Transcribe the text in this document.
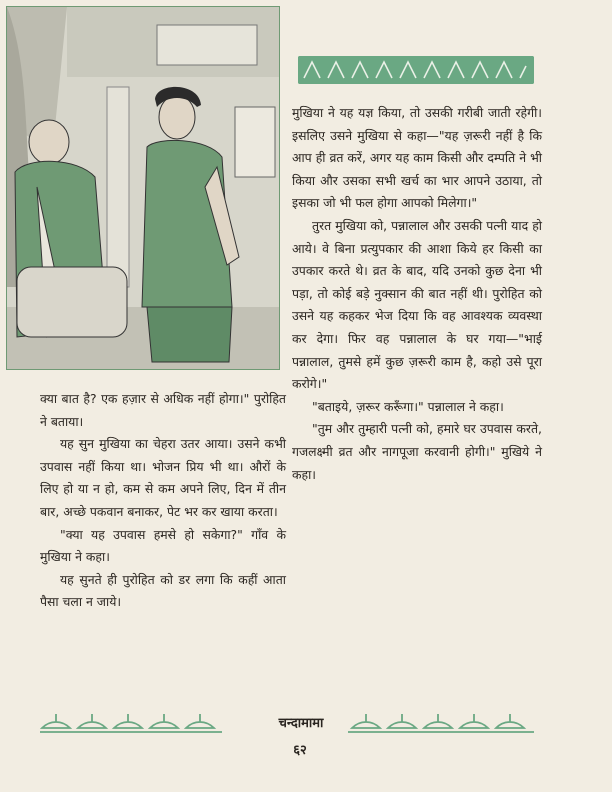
क्या बात है? एक हज़ार से अधिक नहीं होगा।" पुरोहित ने बताया।

यह सुन मुखिया का चेहरा उतर आया। उसने कभी उपवास नहीं किया था। भोजन प्रिय भी था। औरों के लिए हो या न हो, कम से कम अपने लिए, दिन में तीन बार, अच्छे पकवान बनाकर, पेट भर कर खाया करता।

"क्या यह उपवास हमसे हो सकेगा?" गाँव के मुखिया ने कहा।

यह सुनते ही पुरोहित को डर लगा कि कहीं आता पैसा चला न जाये।

मुखिया ने यह यज्ञ किया, तो उसकी गरीबी जाती रहेगी। इसलिए उसने मुखिया से कहा—"यह ज़रूरी नहीं है कि आप ही व्रत करें, अगर यह काम किसी और दम्पति ने भी किया और उसका सभी खर्च का भार आपने उठाया, तो इसका जो भी फल होगा आपको मिलेगा।"

तुरत मुखिया को, पन्नालाल और उसकी पत्नी याद हो आये। वे बिना प्रत्युपकार की आशा किये हर किसी का उपकार करते थे। व्रत के बाद, यदि उनको कुछ देना भी पड़ा, तो कोई बड़े नुक्सान की बात नहीं थी। पुरोहित को उसने यह कहकर भेज दिया कि वह आवश्यक व्यवस्था कर देगा। फिर वह पन्नालाल के घर गया—"भाई पन्नालाल, तुमसे हमें कुछ ज़रूरी काम है, कहो उसे पूरा करोगे।"

"बताइये, ज़रूर करूँगा।" पन्नालाल ने कहा।

"तुम और तुम्हारी पत्नी को, हमारे घर उपवास करते, गजलक्ष्मी व्रत और नागपूजा करवानी होगी।" मुखिये ने कहा।

चन्दामामा
६२
